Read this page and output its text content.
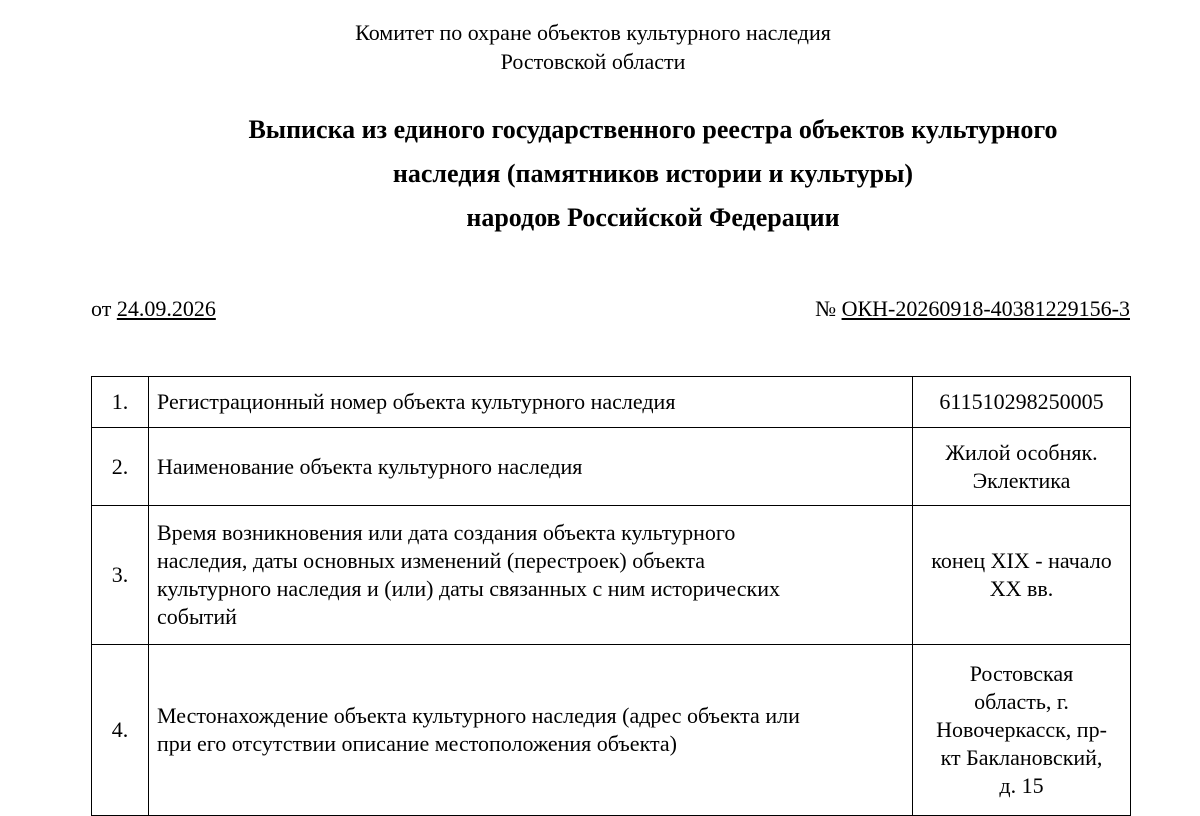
Комитет по охране объектов культурного наследия
Ростовской области
Выписка из единого государственного реестра объектов культурного
наследия (памятников истории и культуры)
народов Российской Федерации
от 24.09.2026	№ ОКН-20260918-40381229156-3
1.	Регистрационный номер объекта культурного наследия	611510298250005
2.	Наименование объекта культурного наследия	Жилой особняк.
Эклектика
3.	Время возникновения или дата создания объекта культурного
наследия, даты основных изменений (перестроек) объекта
культурного наследия и (или) даты связанных с ним исторических
событий	конец XIX - начало
XX вв.
4.	Местонахождение объекта культурного наследия (адрес объекта или
при его отсутствии описание местоположения объекта)	Ростовская
область, г.
Новочеркасск, пр-
кт Баклановский,
д. 15
